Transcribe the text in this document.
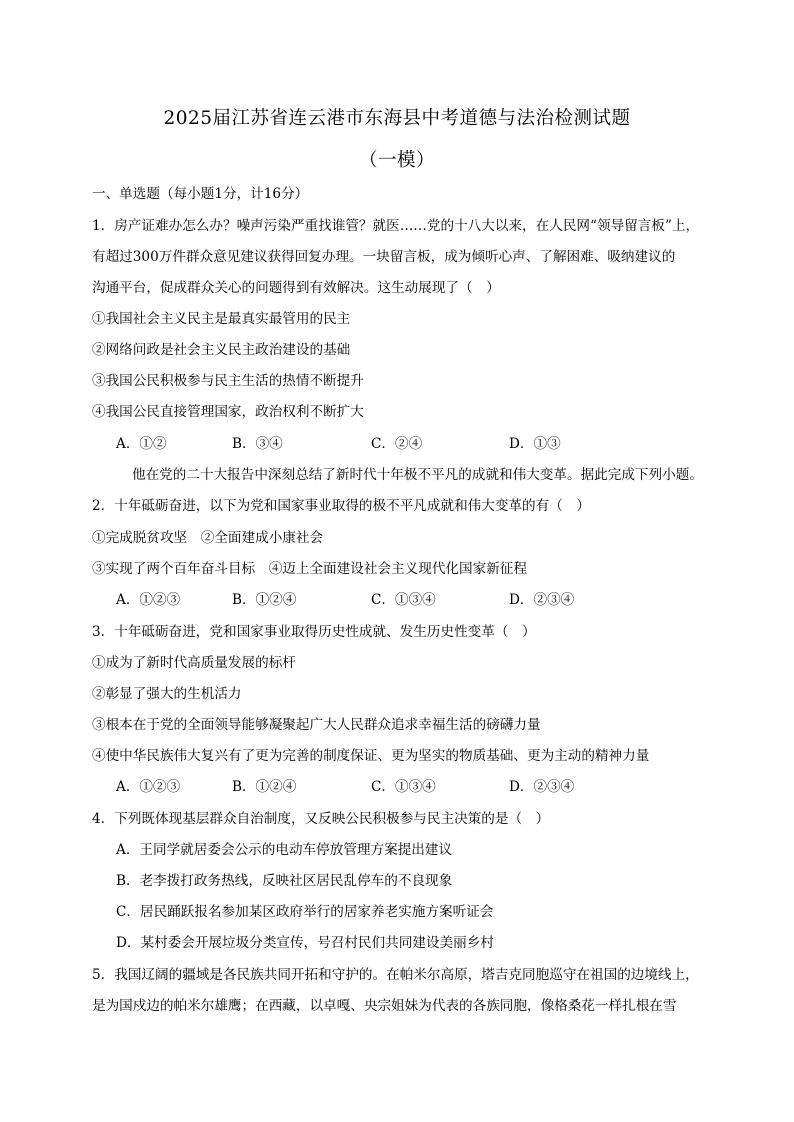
2025届江苏省连云港市东海县中考道德与法治检测试题
（一模）
一、单选题（每小题1分，计16分）
1．房产证难办怎么办？噪声污染严重找谁管？就医……党的十八大以来，在人民网“领导留言板”上，
有超过300万件群众意见建议获得回复办理。一块留言板，成为倾听心声、了解困难、吸纳建议的
沟通平台，促成群众关心的问题得到有效解决。这生动展现了（　）
①我国社会主义民主是最真实最管用的民主
②网络问政是社会主义民主政治建设的基础
③我国公民积极参与民主生活的热情不断提升
④我国公民直接管理国家，政治权利不断扩大
A．①②	B．③④	C．②④	D．①③
他在党的二十大报告中深刻总结了新时代十年极不平凡的成就和伟大变革。据此完成下列小题。
2．十年砥砺奋进，以下为党和国家事业取得的极不平凡成就和伟大变革的有（　）
①完成脱贫攻坚　②全面建成小康社会
③实现了两个百年奋斗目标　④迈上全面建设社会主义现代化国家新征程
A．①②③	B．①②④	C．①③④	D．②③④
3．十年砥砺奋进，党和国家事业取得历史性成就、发生历史性变革（　）
①成为了新时代高质量发展的标杆
②彰显了强大的生机活力
③根本在于党的全面领导能够凝聚起广大人民群众追求幸福生活的磅礴力量
④使中华民族伟大复兴有了更为完善的制度保证、更为坚实的物质基础、更为主动的精神力量
A．①②③	B．①②④	C．①③④	D．②③④
4．下列既体现基层群众自治制度，又反映公民积极参与民主决策的是（　）
A．王同学就居委会公示的电动车停放管理方案提出建议
B．老李拨打政务热线，反映社区居民乱停车的不良现象
C．居民踊跃报名参加某区政府举行的居家养老实施方案听证会
D．某村委会开展垃圾分类宣传，号召村民们共同建设美丽乡村
5．我国辽阔的疆域是各民族共同开拓和守护的。在帕米尔高原，塔吉克同胞巡守在祖国的边境线上，
是为国戍边的帕米尔雄鹰；在西藏，以卓嘎、央宗姐妹为代表的各族同胞，像格桑花一样扎根在雪
